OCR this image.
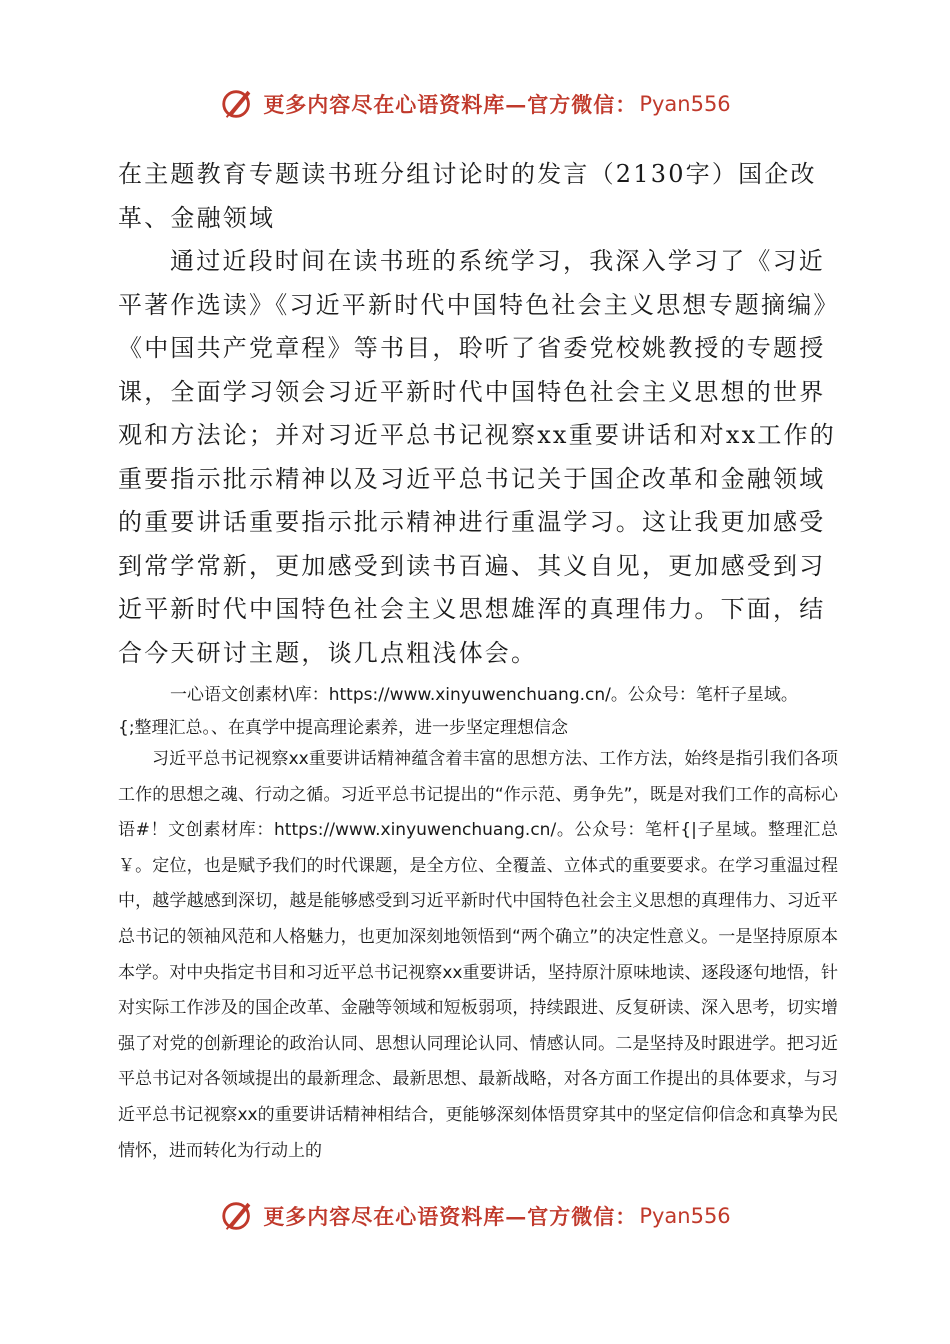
更多内容尽在心语资料库—官方微信： Pyan556

在主题教育专题读书班分组讨论时的发言（2130字）国企改革、金融领域

通过近段时间在读书班的系统学习，我深入学习了《习近平著作选读》《习近平新时代中国特色社会主义思想专题摘编》《中国共产党章程》等书目，聆听了省委党校姚教授的专题授课，全面学习领会习近平新时代中国特色社会主义思想的世界观和方法论；并对习近平总书记视察xx重要讲话和对xx工作的重要指示批示精神以及习近平总书记关于国企改革和金融领域的重要讲话重要指示批示精神进行重温学习。这让我更加感受到常学常新，更加感受到读书百遍、其义自见，更加感受到习近平新时代中国特色社会主义思想雄浑的真理伟力。下面，结合今天研讨主题，谈几点粗浅体会。

一心语文创素材\库：https://www.xinyuwenchuang.cn/。公众号：笔杆子星域。
{;整理汇总。、在真学中提高理论素养，进一步坚定理想信念

习近平总书记视察xx重要讲话精神蕴含着丰富的思想方法、工作方法，始终是指引我们各项工作的思想之魂、行动之循。习近平总书记提出的“作示范、勇争先”，既是对我们工作的高标心语#！文创素材库：https://www.xinyuwenchuang.cn/。公众号：笔杆{|子星域。整理汇总￥。定位，也是赋予我们的时代课题，是全方位、全覆盖、立体式的重要要求。在学习重温过程中，越学越感到深切，越是能够感受到习近平新时代中国特色社会主义思想的真理伟力、习近平总书记的领袖风范和人格魅力，也更加深刻地领悟到“两个确立”的决定性意义。一是坚持原原本本学。对中央指定书目和习近平总书记视察xx重要讲话，坚持原汁原味地读、逐段逐句地悟，针对实际工作涉及的国企改革、金融等领域和短板弱项，持续跟进、反复研读、深入思考，切实增强了对党的创新理论的政治认同、思想认同理论认同、情感认同。二是坚持及时跟进学。把习近平总书记对各领域提出的最新理念、最新思想、最新战略，对各方面工作提出的具体要求，与习近平总书记视察xx的重要讲话精神相结合，更能够深刻体悟贯穿其中的坚定信仰信念和真挚为民情怀，进而转化为行动上的

更多内容尽在心语资料库—官方微信： Pyan556
